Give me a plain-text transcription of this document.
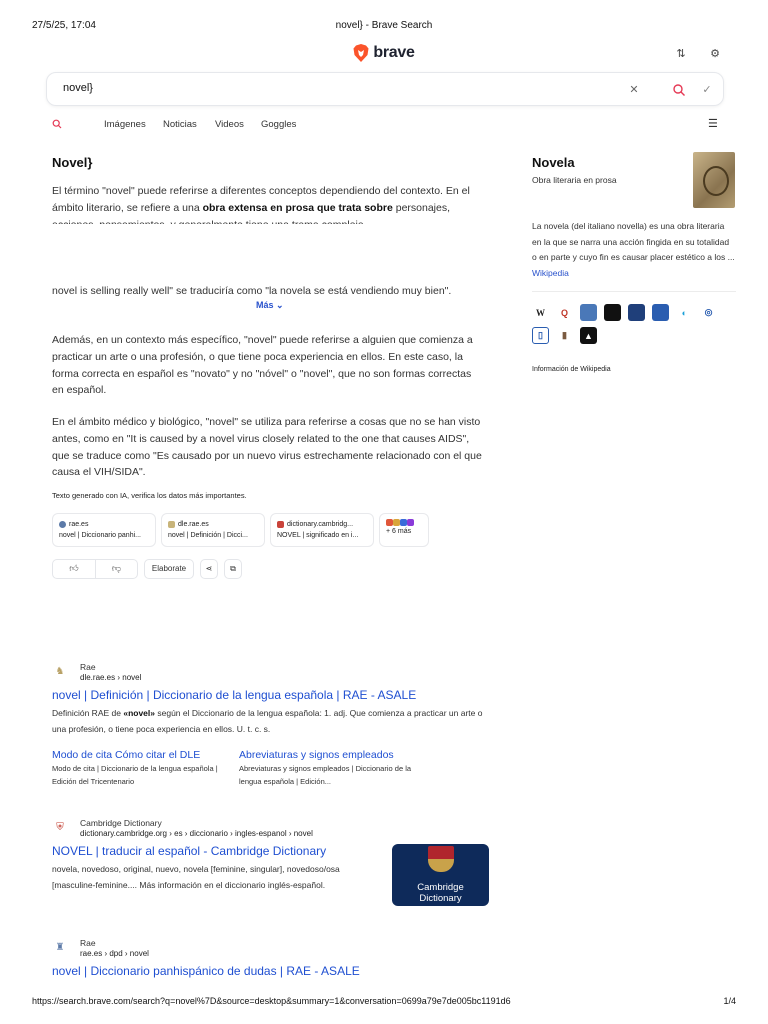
27/5/25, 17:04	novel} - Brave Search
brave	⇅ ⚙
novel}	✕	✓
Imágenes Noticias Videos Goggles	☰
Novel}
El término "novel" puede referirse a diferentes conceptos dependiendo del contexto. En el ámbito literario, se refiere a una obra extensa en prosa que trata sobre personajes,
novel is selling really well" se traduciría como "la novela se está vendiendo muy bien".
Más ⌄
Además, en un contexto más específico, "novel" puede referirse a alguien que comienza a practicar un arte o una profesión, o que tiene poca experiencia en ellos. En este caso, la forma correcta en español es "novato" y no "nóvel" o "novel", que no son formas correctas en español.
En el ámbito médico y biológico, "novel" se utiliza para referirse a cosas que no se han visto antes, como en "It is caused by a novel virus closely related to the one that causes AIDS", que se traduce como "Es causado por un nuevo virus estrechamente relacionado con el que causa el VIH/SIDA".
Texto generado con IA, verifica los datos más importantes.
rae.es
novel | Diccionario panhi...
dle.rae.es
novel | Definición | Dicci...
dictionary.cambridg...
NOVEL | significado en i...
+ 6 más
👍︎	👎︎	Elaborate	⋖	⧉
Novela
Obra literaria en prosa
La novela (del italiano novella) es una obra literaria en la que se narra una acción fingida en su totalidad o en parte y cuyo fin es causar placer estético a los ... Wikipedia
W	Q	◐	◎
▯	▮	▲
Información de Wikipedia
♞ Rae
dle.rae.es › novel
novel | Definición | Diccionario de la lengua española | RAE - ASALE
Definición RAE de «novel» según el Diccionario de la lengua española: 1. adj. Que comienza a practicar un arte o una profesión, o tiene poca experiencia en ellos. U. t. c. s.
Modo de cita Cómo citar el DLE
Modo de cita | Diccionario de la lengua española | Edición del Tricentenario
Abreviaturas y signos empleados
Abreviaturas y signos empleados | Diccionario de la lengua española | Edición...
⛨ Cambridge Dictionary
dictionary.cambridge.org › es › diccionario › ingles-espanol › novel
NOVEL | traducir al español - Cambridge Dictionary
novela, novedoso, original, nuevo, novela [feminine, singular], novedoso/osa [masculine-feminine.... Más información en el diccionario inglés-español.	Cambridge
Dictionary
♜ Rae
rae.es › dpd › novel
novel | Diccionario panhispánico de dudas | RAE - ASALE
https://search.brave.com/search?q=novel%7D&source=desktop&summary=1&conversation=0699a79e7de005bc1191d6	1/4
